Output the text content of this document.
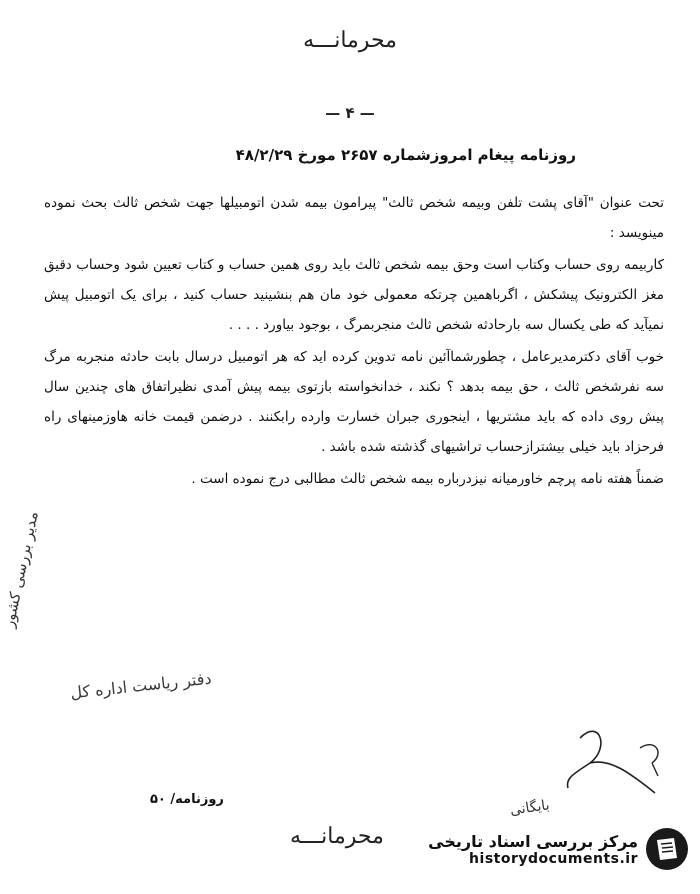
محرمانـــه
— ۴ —
روزنامه پیغام امروزشماره ۲۶۵۷ مورخ ۴۸/۲/۲۹

تحت عنوان "آقای پشت تلفن وبیمه شخص ثالث" پیرامون بیمه شدن اتومبیلها جهت شخص ثالث بحث نموده مینویسد :

کاربیمه روی حساب وکتاب است وحق بیمه شخص ثالث باید روی همین حساب و کتاب تعیین شود وحساب دقیق مغز الکترونیک پیشکش ، اگرباهمین چرتکه معمولی خود مان هم بنشینید حساب کنید ، برای یک اتومبیل پیش نمیآید که طی یکسال سه بارحادثه شخص ثالث منجربمرگ ، بوجود بیاورد . . . .

خوب آقای دکترمدیرعامل ، چطورشماآئین نامه تدوین کرده اید که هر اتومبیل درسال بابت حادثه منجربه مرگ سه نفرشخص ثالث ، حق بیمه بدهد ؟ نکند ، خدانخواسته بازتوی بیمه پیش آمدی نظیراتفاق های چندین سال پیش روی داده که باید مشتریها ، اینجوری جبران خسارت وارده رابکنند . درضمن قیمت خانه هاوزمینهای راه فرحزاد باید خیلی بیشترازحساب تراشیهای گذشته شده باشد .

ضمناً هفته نامه پرچم خاورمیانه نیزدرباره بیمه شخص ثالث مطالبی درج نموده است .

مدیر بررسی کشور
دفتر ریاست اداره کل
روزنامه/ ۵۰	بایگانی
محرمانـــه	مرکز بررسی اسناد تاریخی
historydocuments.ir
